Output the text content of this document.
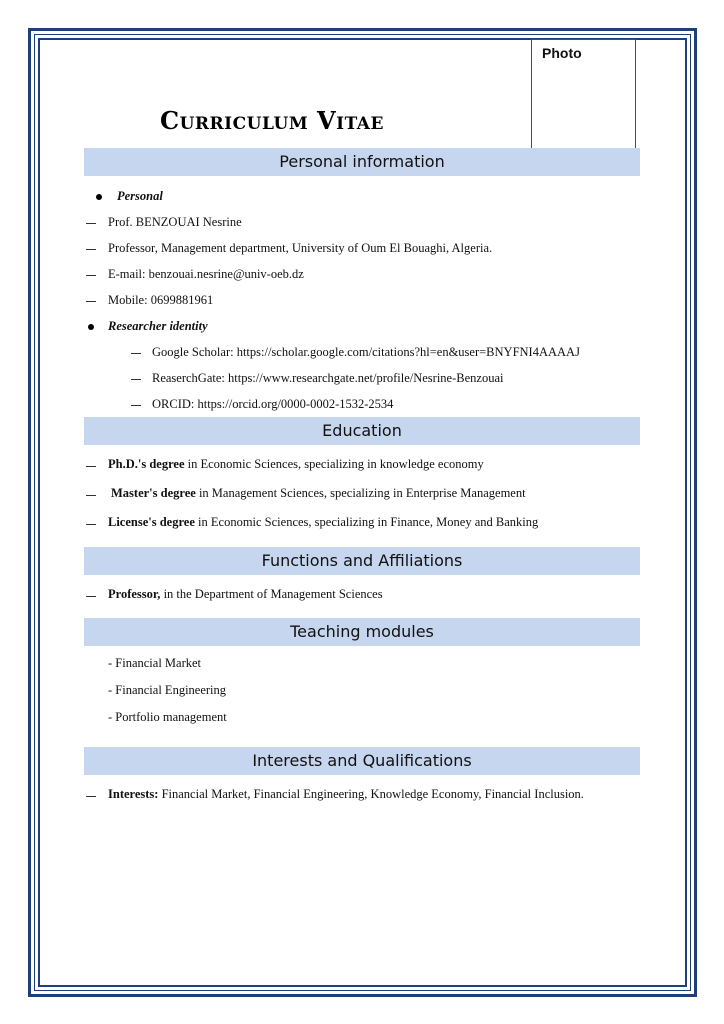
Photo
Curriculum Vitae
Personal information
Personal
Prof. BENZOUAI Nesrine
Professor, Management department, University of Oum El Bouaghi, Algeria.
E-mail: benzouai.nesrine@univ-oeb.dz
Mobile: 0699881961
Researcher identity
Google Scholar: https://scholar.google.com/citations?hl=en&user=BNYFNI4AAAAJ
ReaserchGate: https://www.researchgate.net/profile/Nesrine-Benzouai
ORCID: https://orcid.org/0000-0002-1532-2534
Education
Ph.D.'s degree in Economic Sciences, specializing in knowledge economy
Master's degree in Management Sciences, specializing in Enterprise Management
License's degree in Economic Sciences, specializing in Finance, Money and Banking
Functions and Affiliations
Professor, in the Department of Management Sciences
Teaching modules
- Financial Market
- Financial Engineering
- Portfolio management
Interests and Qualifications
Interests: Financial Market, Financial Engineering, Knowledge Economy, Financial Inclusion.
